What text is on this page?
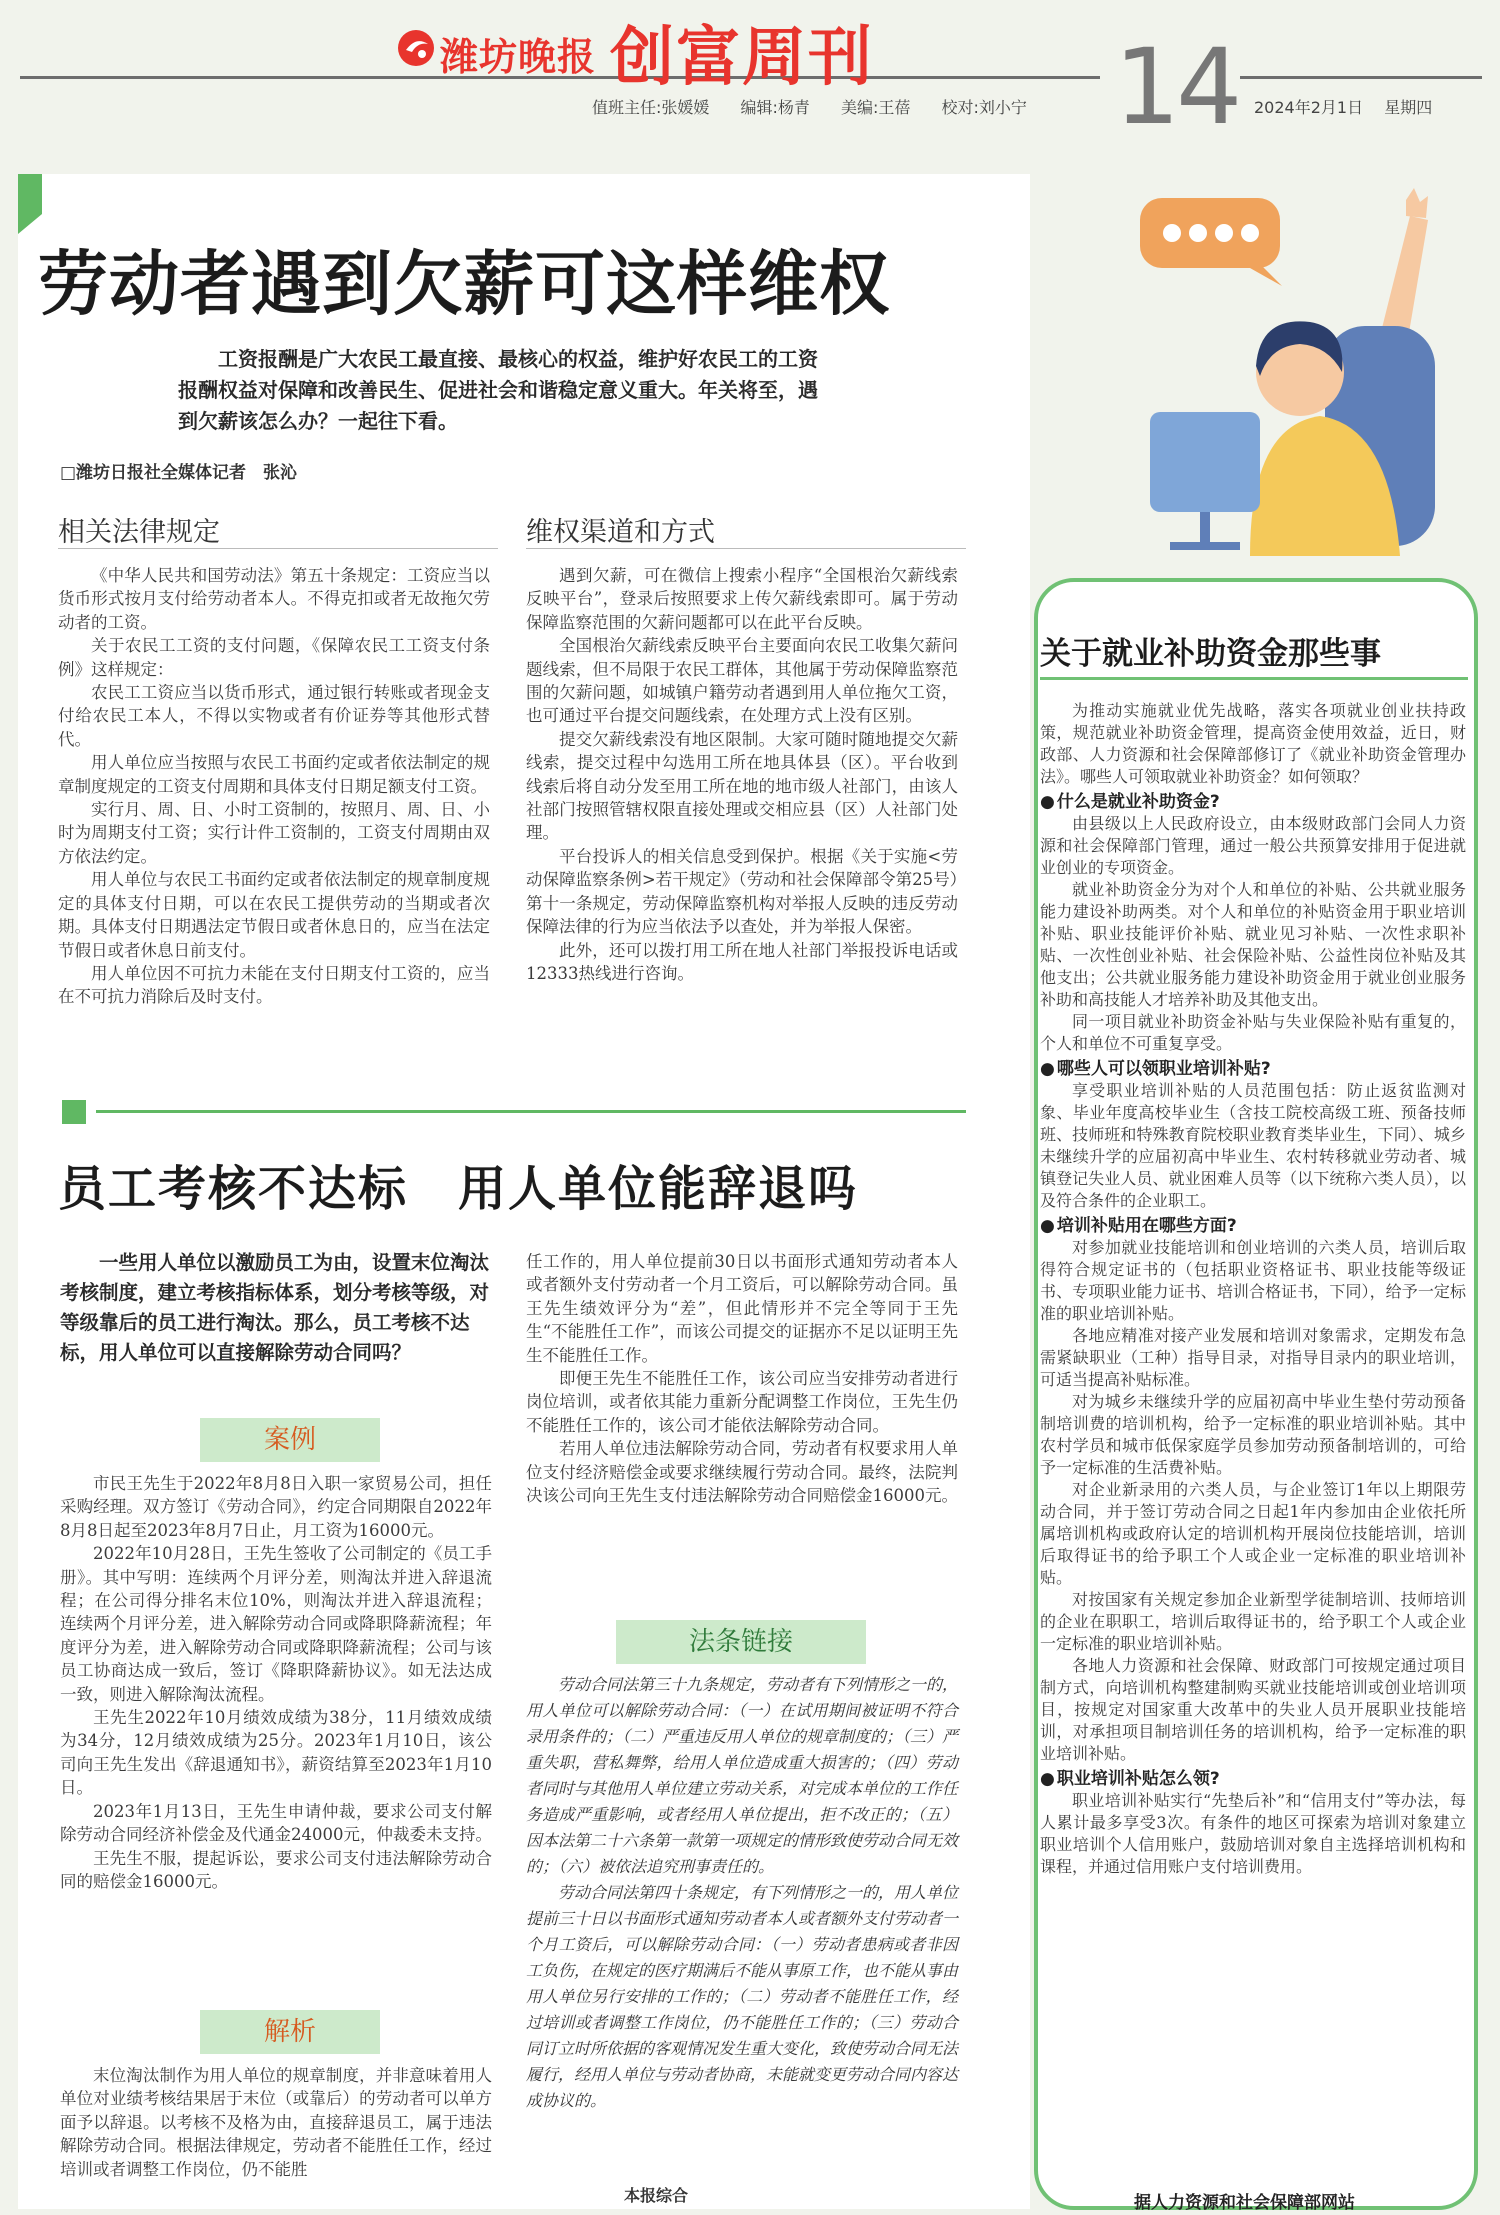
潍坊晚报 创富周刊 14
值班主任:张媛媛 编辑:杨青 美编:王蓓 校对:刘小宁	2024年2月1日 星期四
劳动者遇到欠薪可这样维权
工资报酬是广大农民工最直接、最核心的权益，维护好农民工的工资报酬权益对保障和改善民生、促进社会和谐稳定意义重大。年关将至，遇到欠薪该怎么办？一起往下看。
□潍坊日报社全媒体记者　张沁
相关法律规定

《中华人民共和国劳动法》第五十条规定：工资应当以货币形式按月支付给劳动者本人。不得克扣或者无故拖欠劳动者的工资。

关于农民工工资的支付问题，《保障农民工工资支付条例》这样规定：

农民工工资应当以货币形式，通过银行转账或者现金支付给农民工本人，不得以实物或者有价证券等其他形式替代。

用人单位应当按照与农民工书面约定或者依法制定的规章制度规定的工资支付周期和具体支付日期足额支付工资。

实行月、周、日、小时工资制的，按照月、周、日、小时为周期支付工资；实行计件工资制的，工资支付周期由双方依法约定。

用人单位与农民工书面约定或者依法制定的规章制度规定的具体支付日期，可以在农民工提供劳动的当期或者次期。具体支付日期遇法定节假日或者休息日的，应当在法定节假日或者休息日前支付。

用人单位因不可抗力未能在支付日期支付工资的，应当在不可抗力消除后及时支付。

维权渠道和方式

遇到欠薪，可在微信上搜索小程序“全国根治欠薪线索反映平台”，登录后按照要求上传欠薪线索即可。属于劳动保障监察范围的欠薪问题都可以在此平台反映。

全国根治欠薪线索反映平台主要面向农民工收集欠薪问题线索，但不局限于农民工群体，其他属于劳动保障监察范围的欠薪问题，如城镇户籍劳动者遇到用人单位拖欠工资，也可通过平台提交问题线索，在处理方式上没有区别。

提交欠薪线索没有地区限制。大家可随时随地提交欠薪线索，提交过程中勾选用工所在地具体县（区）。平台收到线索后将自动分发至用工所在地的地市级人社部门，由该人社部门按照管辖权限直接处理或交相应县（区）人社部门处理。

平台投诉人的相关信息受到保护。根据《关于实施<劳动保障监察条例>若干规定》（劳动和社会保障部令第25号）第十一条规定，劳动保障监察机构对举报人反映的违反劳动保障法律的行为应当依法予以查处，并为举报人保密。

此外，还可以拨打用工所在地人社部门举报投诉电话或12333热线进行咨询。

员工考核不达标　用人单位能辞退吗
一些用人单位以激励员工为由，设置末位淘汰考核制度，建立考核指标体系，划分考核等级，对等级靠后的员工进行淘汰。那么，员工考核不达标，用人单位可以直接解除劳动合同吗？
案例

市民王先生于2022年8月8日入职一家贸易公司，担任采购经理。双方签订《劳动合同》，约定合同期限自2022年8月8日起至2023年8月7日止，月工资为16000元。

2022年10月28日，王先生签收了公司制定的《员工手册》。其中写明：连续两个月评分差，则淘汰并进入辞退流程；在公司得分排名末位10%，则淘汰并进入辞退流程；连续两个月评分差，进入解除劳动合同或降职降薪流程；年度评分为差，进入解除劳动合同或降职降薪流程；公司与该员工协商达成一致后，签订《降职降薪协议》。如无法达成一致，则进入解除淘汰流程。

王先生2022年10月绩效成绩为38分，11月绩效成绩为34分，12月绩效成绩为25分。2023年1月10日，该公司向王先生发出《辞退通知书》，薪资结算至2023年1月10日。

2023年1月13日，王先生申请仲裁，要求公司支付解除劳动合同经济补偿金及代通金24000元，仲裁委未支持。

王先生不服，提起诉讼，要求公司支付违法解除劳动合同的赔偿金16000元。

解析

末位淘汰制作为用人单位的规章制度，并非意味着用人单位对业绩考核结果居于末位（或靠后）的劳动者可以单方面予以辞退。以考核不及格为由，直接辞退员工，属于违法解除劳动合同。根据法律规定，劳动者不能胜任工作，经过培训或者调整工作岗位，仍不能胜

任工作的，用人单位提前30日以书面形式通知劳动者本人或者额外支付劳动者一个月工资后，可以解除劳动合同。虽王先生绩效评分为“差”，但此情形并不完全等同于王先生“不能胜任工作”，而该公司提交的证据亦不足以证明王先生不能胜任工作。

即便王先生不能胜任工作，该公司应当安排劳动者进行岗位培训，或者依其能力重新分配调整工作岗位，王先生仍不能胜任工作的，该公司才能依法解除劳动合同。

若用人单位违法解除劳动合同，劳动者有权要求用人单位支付经济赔偿金或要求继续履行劳动合同。最终，法院判决该公司向王先生支付违法解除劳动合同赔偿金16000元。

法条链接

劳动合同法第三十九条规定，劳动者有下列情形之一的，用人单位可以解除劳动合同：（一）在试用期间被证明不符合录用条件的；（二）严重违反用人单位的规章制度的；（三）严重失职，营私舞弊，给用人单位造成重大损害的；（四）劳动者同时与其他用人单位建立劳动关系，对完成本单位的工作任务造成严重影响，或者经用人单位提出，拒不改正的；（五）因本法第二十六条第一款第一项规定的情形致使劳动合同无效的；（六）被依法追究刑事责任的。

劳动合同法第四十条规定，有下列情形之一的，用人单位提前三十日以书面形式通知劳动者本人或者额外支付劳动者一个月工资后，可以解除劳动合同：（一）劳动者患病或者非因工负伤，在规定的医疗期满后不能从事原工作，也不能从事由用人单位另行安排的工作的；（二）劳动者不能胜任工作，经过培训或者调整工作岗位，仍不能胜任工作的；（三）劳动合同订立时所依据的客观情况发生重大变化，致使劳动合同无法履行，经用人单位与劳动者协商，未能就变更劳动合同内容达成协议的。

本报综合
关于就业补助资金那些事

为推动实施就业优先战略，落实各项就业创业扶持政策，规范就业补助资金管理，提高资金使用效益，近日，财政部、人力资源和社会保障部修订了《就业补助资金管理办法》。哪些人可领取就业补助资金？如何领取？

● 什么是就业补助资金?

由县级以上人民政府设立，由本级财政部门会同人力资源和社会保障部门管理，通过一般公共预算安排用于促进就业创业的专项资金。

就业补助资金分为对个人和单位的补贴、公共就业服务能力建设补助两类。对个人和单位的补贴资金用于职业培训补贴、职业技能评价补贴、就业见习补贴、一次性求职补贴、一次性创业补贴、社会保险补贴、公益性岗位补贴及其他支出；公共就业服务能力建设补助资金用于就业创业服务补助和高技能人才培养补助及其他支出。

同一项目就业补助资金补贴与失业保险补贴有重复的，个人和单位不可重复享受。

● 哪些人可以领职业培训补贴?

享受职业培训补贴的人员范围包括：防止返贫监测对象、毕业年度高校毕业生（含技工院校高级工班、预备技师班、技师班和特殊教育院校职业教育类毕业生，下同）、城乡未继续升学的应届初高中毕业生、农村转移就业劳动者、城镇登记失业人员、就业困难人员等（以下统称六类人员），以及符合条件的企业职工。

● 培训补贴用在哪些方面?

对参加就业技能培训和创业培训的六类人员，培训后取得符合规定证书的（包括职业资格证书、职业技能等级证书、专项职业能力证书、培训合格证书，下同），给予一定标准的职业培训补贴。

各地应精准对接产业发展和培训对象需求，定期发布急需紧缺职业（工种）指导目录，对指导目录内的职业培训，可适当提高补贴标准。

对为城乡未继续升学的应届初高中毕业生垫付劳动预备制培训费的培训机构，给予一定标准的职业培训补贴。其中农村学员和城市低保家庭学员参加劳动预备制培训的，可给予一定标准的生活费补贴。

对企业新录用的六类人员，与企业签订1年以上期限劳动合同，并于签订劳动合同之日起1年内参加由企业依托所属培训机构或政府认定的培训机构开展岗位技能培训，培训后取得证书的给予职工个人或企业一定标准的职业培训补贴。

对按国家有关规定参加企业新型学徒制培训、技师培训的企业在职职工，培训后取得证书的，给予职工个人或企业一定标准的职业培训补贴。

各地人力资源和社会保障、财政部门可按规定通过项目制方式，向培训机构整建制购买就业技能培训或创业培训项目，按规定对国家重大改革中的失业人员开展职业技能培训，对承担项目制培训任务的培训机构，给予一定标准的职业培训补贴。

● 职业培训补贴怎么领?

职业培训补贴实行“先垫后补”和“信用支付”等办法，每人累计最多享受3次。有条件的地区可探索为培训对象建立职业培训个人信用账户，鼓励培训对象自主选择培训机构和课程，并通过信用账户支付培训费用。

据人力资源和社会保障部网站
